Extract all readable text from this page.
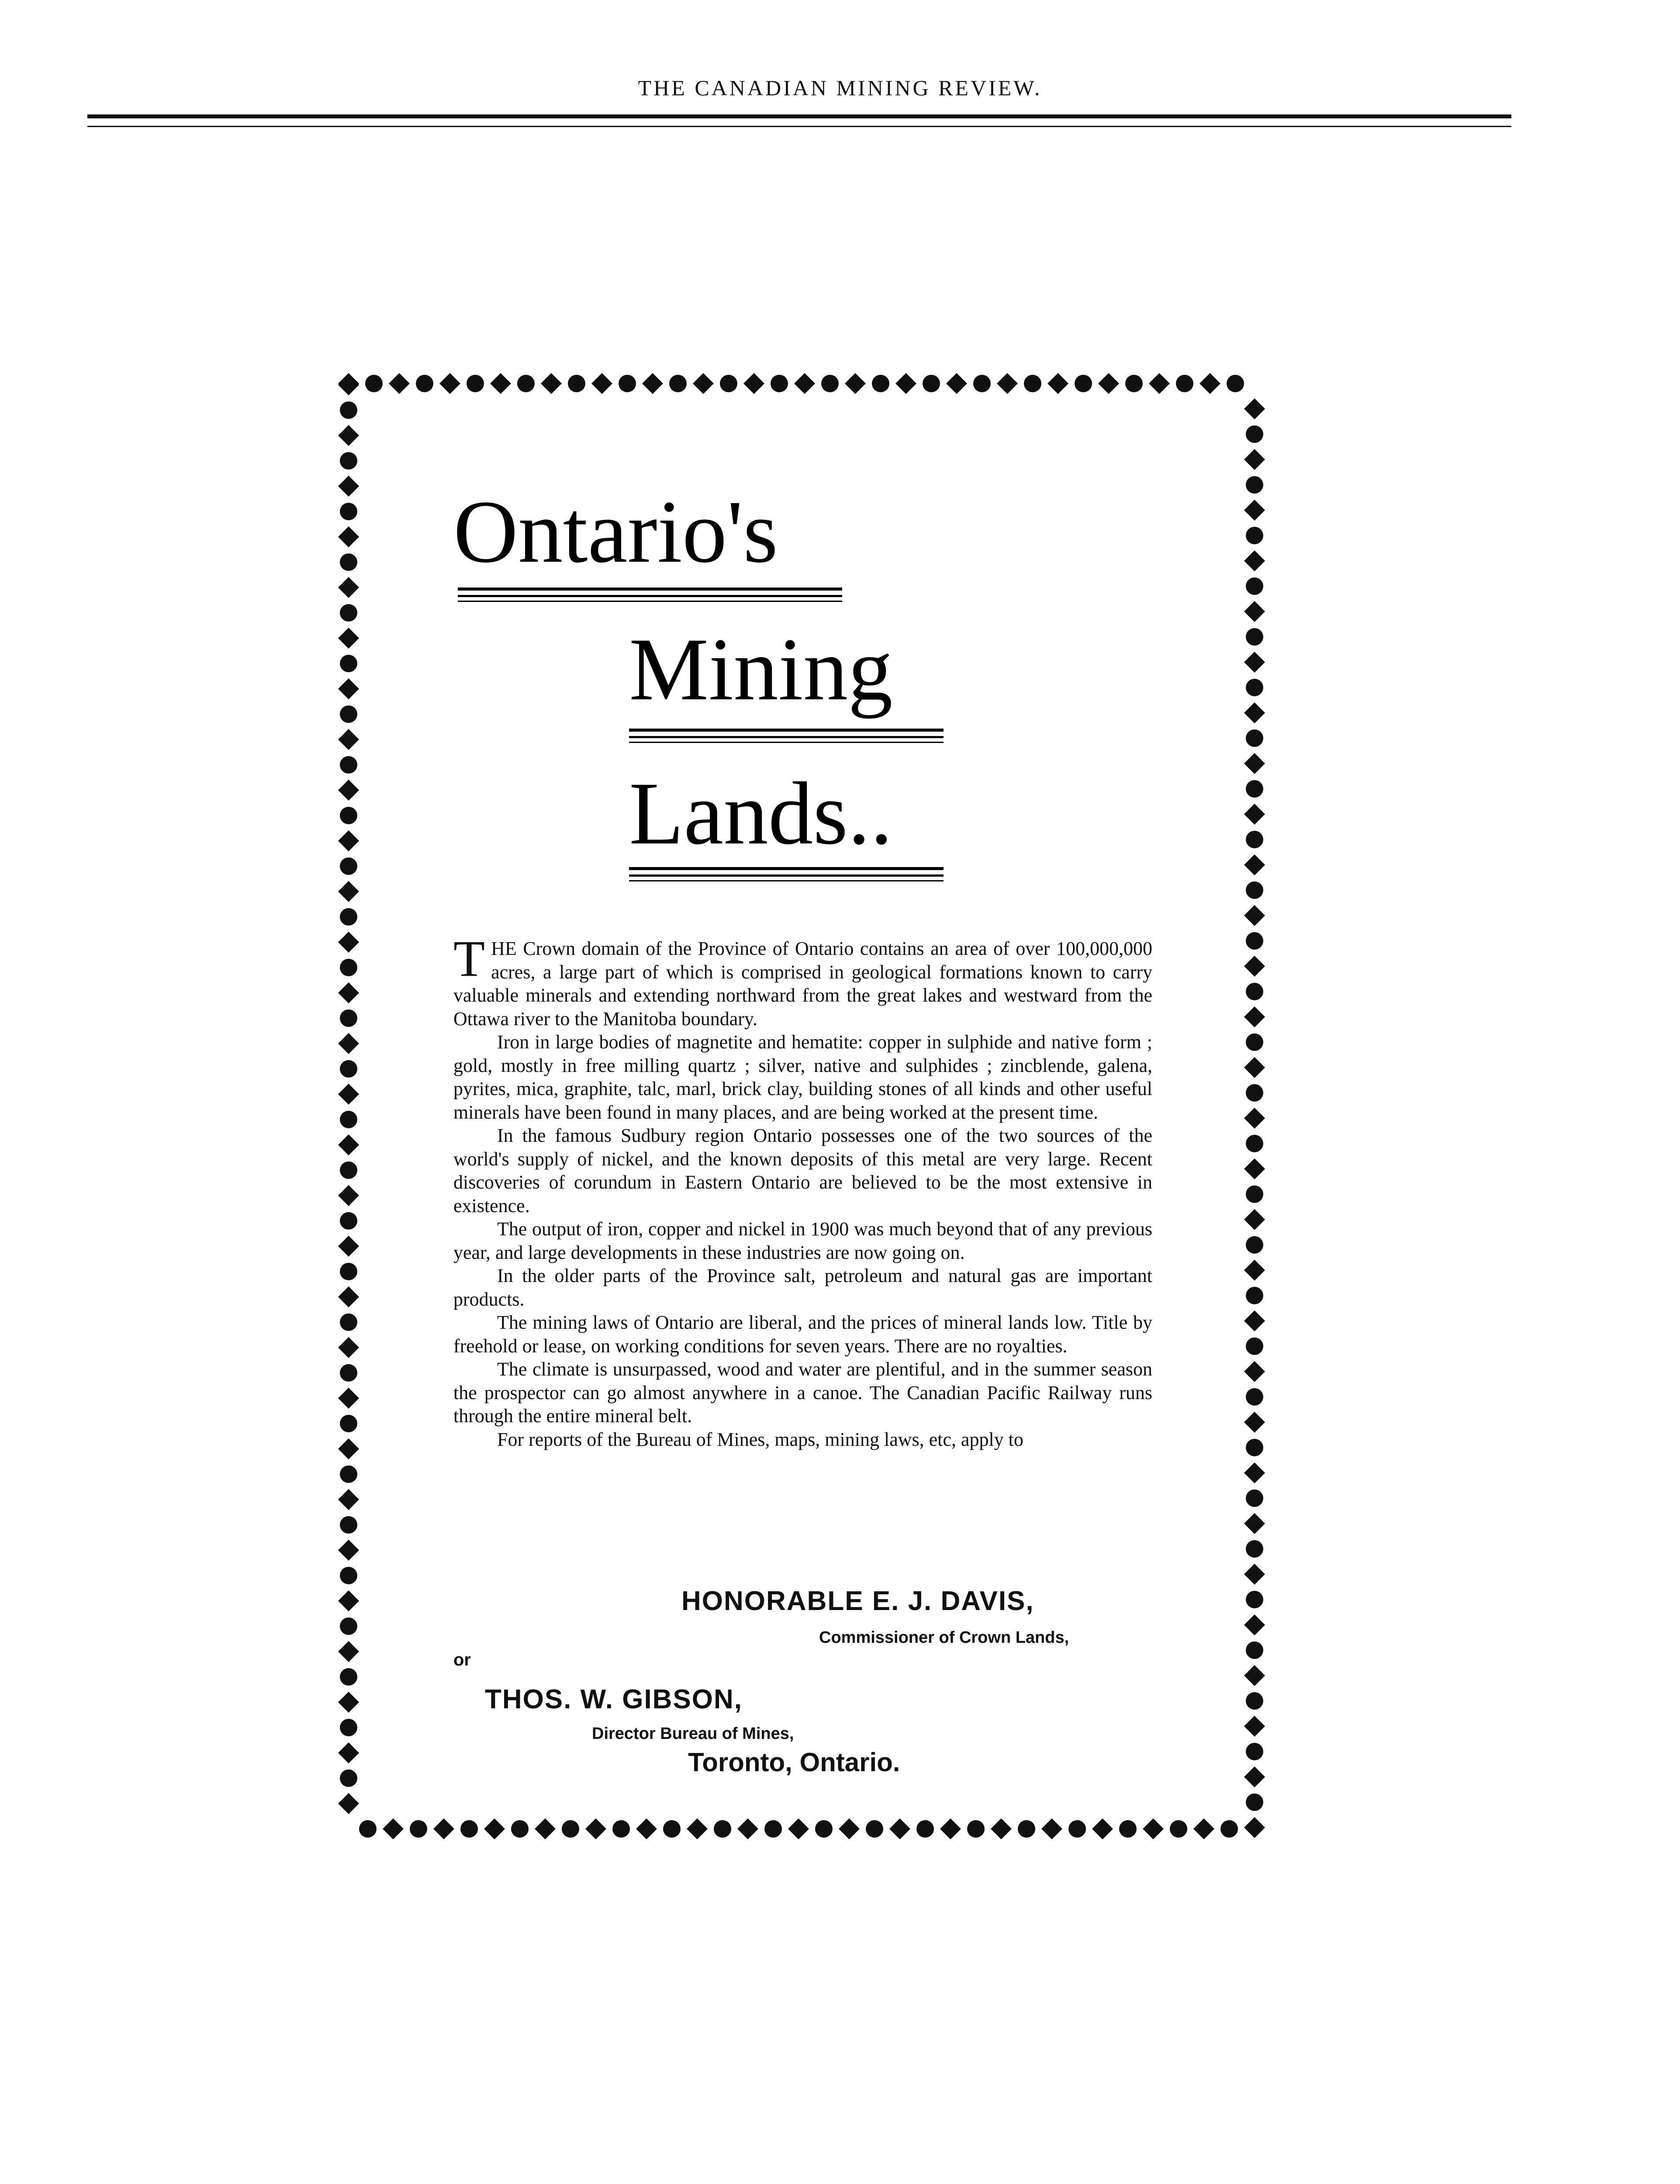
THE CANADIAN MINING REVIEW.
Ontario's
Mining
Lands..

THE Crown domain of the Province of Ontario contains an area of over 100,000,000 acres, a large part of which is comprised in geological formations known to carry valuable minerals and extending northward from the great lakes and westward from the Ottawa river to the Manitoba boundary.

Iron in large bodies of magnetite and hematite: copper in sulphide and native form ; gold, mostly in free milling quartz ; silver, native and sulphides ; zincblende, galena, pyrites, mica, graphite, talc, marl, brick clay, building stones of all kinds and other useful minerals have been found in many places, and are being worked at the present time.

In the famous Sudbury region Ontario possesses one of the two sources of the world's supply of nickel, and the known deposits of this metal are very large. Recent discoveries of corundum in Eastern Ontario are believed to be the most extensive in existence.

The output of iron, copper and nickel in 1900 was much beyond that of any previous year, and large developments in these industries are now going on.

In the older parts of the Province salt, petroleum and natural gas are important products.

The mining laws of Ontario are liberal, and the prices of mineral lands low. Title by freehold or lease, on working conditions for seven years. There are no royalties.

The climate is unsurpassed, wood and water are plentiful, and in the summer season the prospector can go almost anywhere in a canoe. The Canadian Pacific Railway runs through the entire mineral belt.

For reports of the Bureau of Mines, maps, mining laws, etc, apply to

HONORABLE E. J. DAVIS,
Commissioner of Crown Lands,
or
THOS. W. GIBSON,
Director Bureau of Mines,
Toronto, Ontario.
